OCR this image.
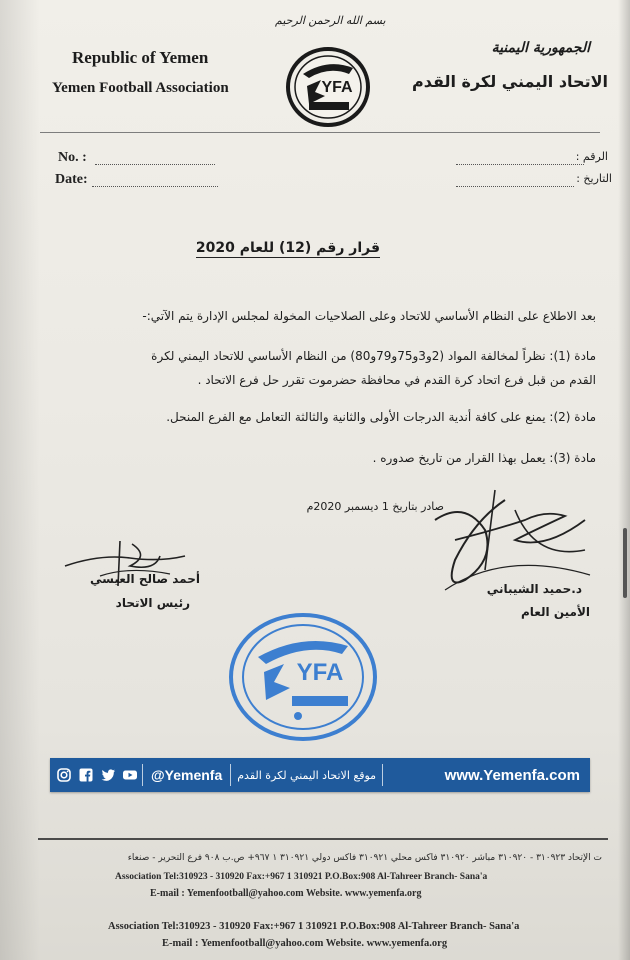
بسم الله الرحمن الرحيم
Republic of Yemen
Yemen Football Association
الجمهورية اليمنية
الاتحاد اليمني لكرة القدم
YFA
No. :
Date:
الرقم :
التاريخ :
قرار رقم (12) للعام 2020
بعد الاطلاع على النظام الأساسي للاتحاد وعلى الصلاحيات المخولة لمجلس الإدارة يتم الآتي:-
مادة (1): نظراً لمخالفة المواد (2و3و75و79و80) من النظام الأساسي للاتحاد اليمني لكرة
القدم من قبل فرع اتحاد كرة القدم في محافظة حضرموت تقرر حل فرع الاتحاد .
مادة (2): يمنع على كافة أندية الدرجات الأولى والثانية والثالثة التعامل مع الفرع المنحل.
مادة (3): يعمل بهذا القرار من تاريخ صدوره .
صادر بتاريخ 1 ديسمبر 2020م
أحمد صالح العيسي
رئيس الاتحاد
د.حميد الشيباني
الأمين العام
YFA
@Yemenfa	موقع الاتحاد اليمني لكرة القدم	www.Yemenfa.com
ت الإتحاد ٣١٠٩٢٣ - ٣١٠٩٢٠ مباشر ٣١٠٩٢٠ فاكس محلي ٣١٠٩٢١ فاكس دولي ٣١٠٩٢١ ١ ٩٦٧+ ص.ب ٩٠٨ فرع التحرير - صنعاء
Association Tel:310923 - 310920 Fax:+967 1 310921 P.O.Box:908 Al-Tahreer Branch- Sana'a
E-mail : Yemenfootball@yahoo.com Website. www.yemenfa.org
Association Tel:310923 - 310920 Fax:+967 1 310921 P.O.Box:908 Al-Tahreer Branch- Sana'a
E-mail : Yemenfootball@yahoo.com Website. www.yemenfa.org
